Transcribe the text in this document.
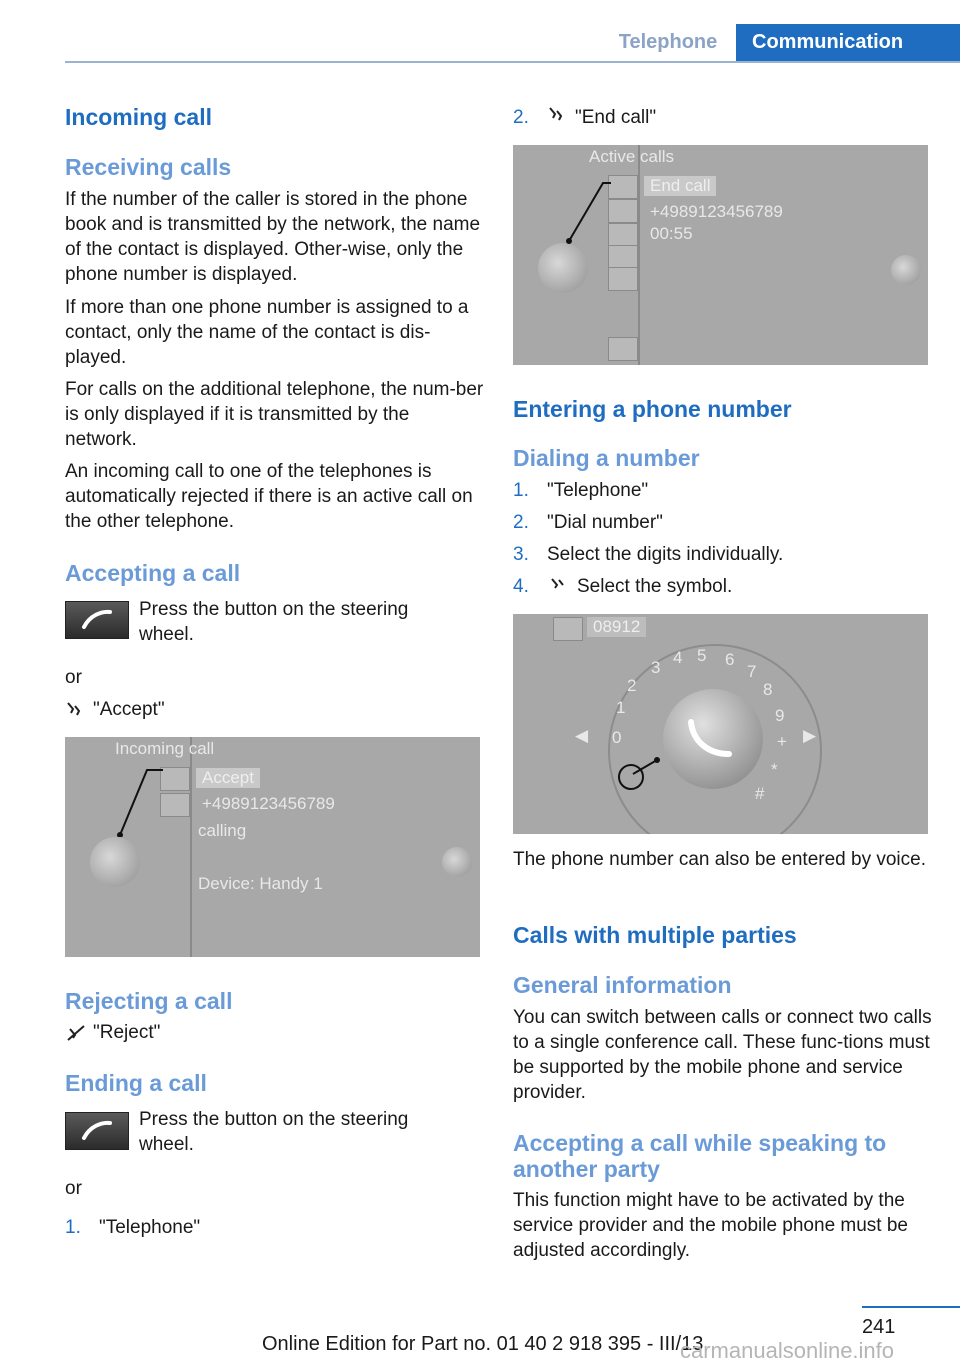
Telephone	Communication
Incoming call
Receiving calls
If the number of the caller is stored in the phone book and is transmitted by the network, the name of the contact is displayed. Other-wise, only the phone number is displayed.
If more than one phone number is assigned to a contact, only the name of the contact is dis-played.
For calls on the additional telephone, the num-ber is only displayed if it is transmitted by the network.
An incoming call to one of the telephones is automatically rejected if there is an active call on the other telephone.
Accepting a call
Press the button on the steering wheel.
or
"Accept"
Incoming call
Accept
+4989123456789
calling
Device: Handy 1
Rejecting a call
"Reject"
Ending a call
Press the button on the steering wheel.
or
1. "Telephone"
2.	"End call"
Active calls
End call
+4989123456789
00:55
Entering a phone number
Dialing a number
1. "Telephone"
2. "Dial number"
3. Select the digits individually.
4.	Select the symbol.
08912
◀	▶
3
4 5 6
7
2	8
1	9
0	+
*
#
The phone number can also be entered by voice.
Calls with multiple parties
General information
You can switch between calls or connect two calls to a single conference call. These func-tions must be supported by the mobile phone and service provider.
Accepting a call while speaking to another party
This function might have to be activated by the service provider and the mobile phone must be adjusted accordingly.
241
Online Edition for Part no. 01 40 2 918 395 - III/13
carmanualsonline.info
